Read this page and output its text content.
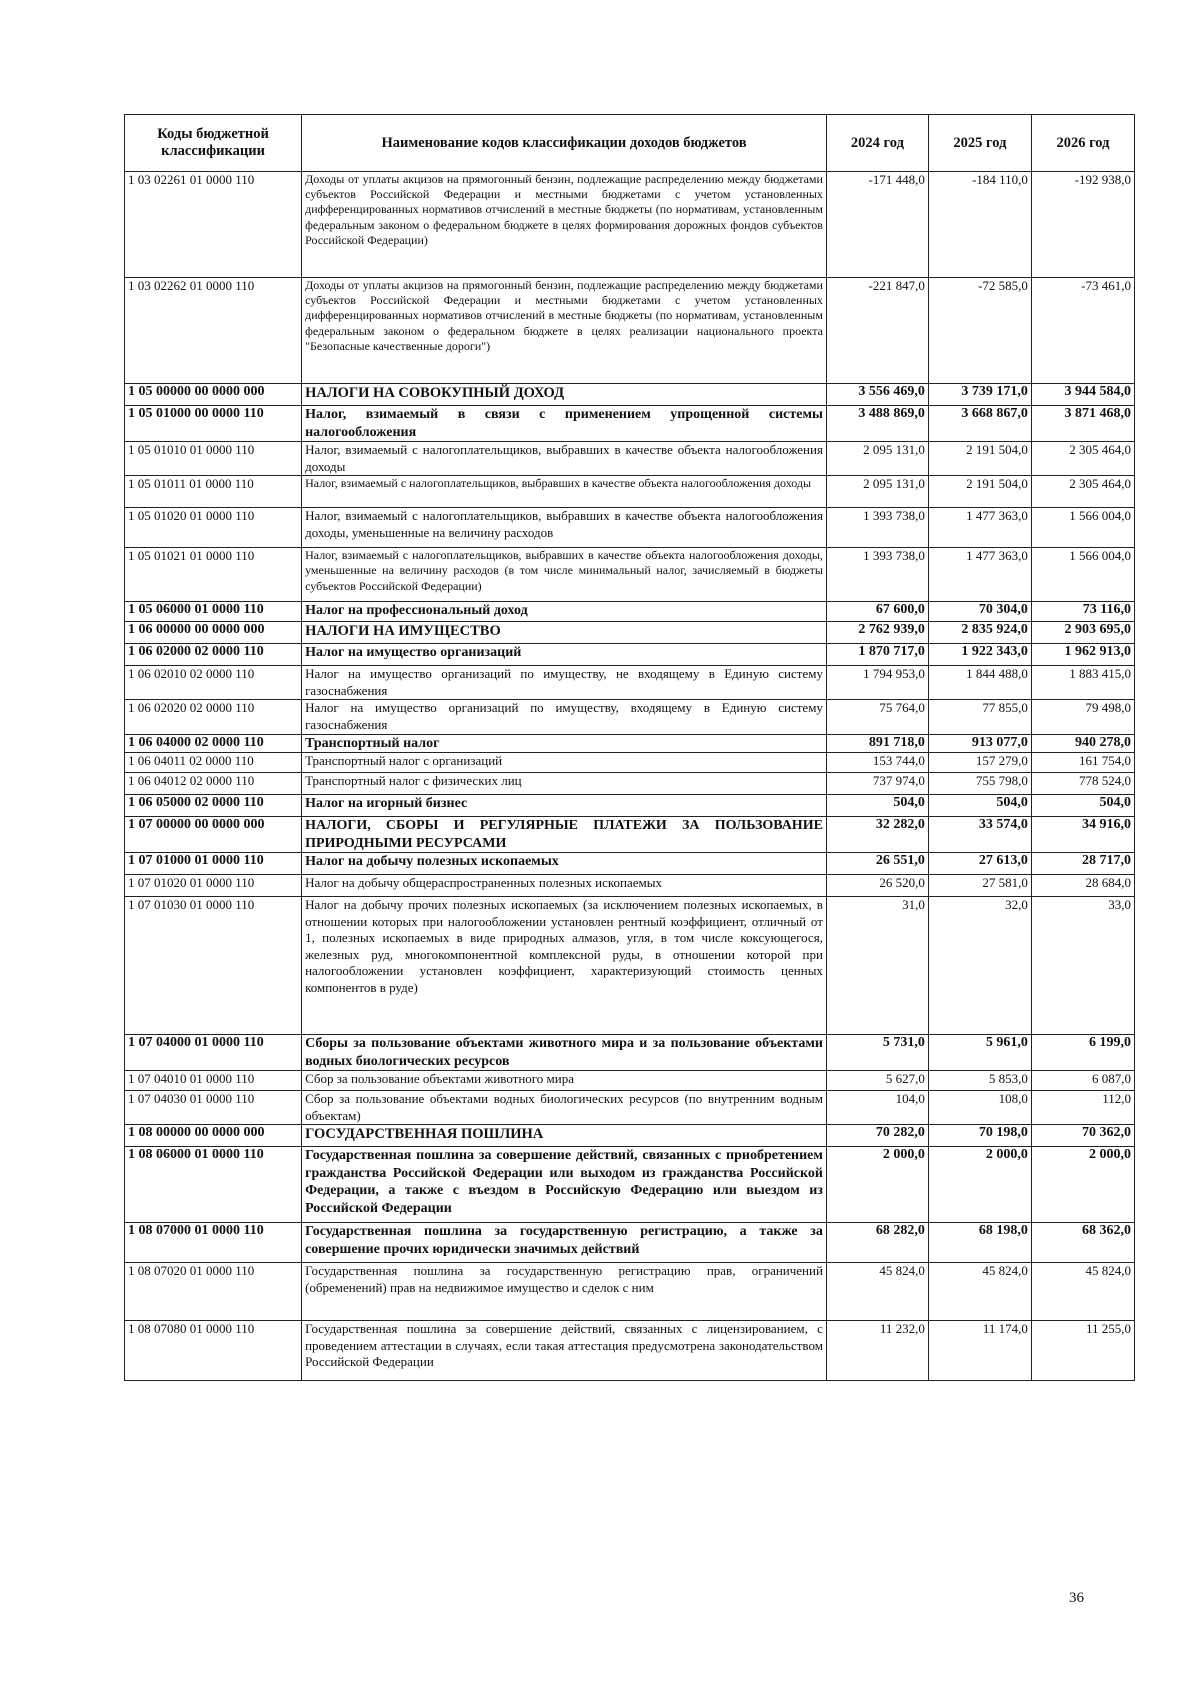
Коды бюджетной классификации	Наименование кодов классификации доходов бюджетов	2024 год	2025 год	2026 год
1 03 02261 01 0000 110	Доходы от уплаты акцизов на прямогонный бензин, подлежащие распределению между бюджетами субъектов Российской Федерации и местными бюджетами с учетом установленных дифференцированных нормативов отчислений в местные бюджеты (по нормативам, установленным федеральным законом о федеральном бюджете в целях формирования дорожных фондов субъектов Российской Федерации)	-171 448,0	-184 110,0	-192 938,0
1 03 02262 01 0000 110	Доходы от уплаты акцизов на прямогонный бензин, подлежащие распределению между бюджетами субъектов Российской Федерации и местными бюджетами с учетом установленных дифференцированных нормативов отчислений в местные бюджеты (по нормативам, установленным федеральным законом о федеральном бюджете в целях реализации национального проекта "Безопасные качественные дороги")	-221 847,0	-72 585,0	-73 461,0
1 05 00000 00 0000 000	НАЛОГИ НА СОВОКУПНЫЙ ДОХОД	3 556 469,0	3 739 171,0	3 944 584,0
1 05 01000 00 0000 110	Налог, взимаемый в связи с применением упрощенной системы налогообложения	3 488 869,0	3 668 867,0	3 871 468,0
1 05 01010 01 0000 110	Налог, взимаемый с налогоплательщиков, выбравших в качестве объекта налогообложения доходы	2 095 131,0	2 191 504,0	2 305 464,0
1 05 01011 01 0000 110	Налог, взимаемый с налогоплательщиков, выбравших в качестве объекта налогообложения доходы	2 095 131,0	2 191 504,0	2 305 464,0
1 05 01020 01 0000 110	Налог, взимаемый с налогоплательщиков, выбравших в качестве объекта налогообложения доходы, уменьшенные на величину расходов	1 393 738,0	1 477 363,0	1 566 004,0
1 05 01021 01 0000 110	Налог, взимаемый с налогоплательщиков, выбравших в качестве объекта налогообложения доходы, уменьшенные на величину расходов (в том числе минимальный налог, зачисляемый в бюджеты субъектов Российской Федерации)	1 393 738,0	1 477 363,0	1 566 004,0
1 05 06000 01 0000 110	Налог на профессиональный доход	67 600,0	70 304,0	73 116,0
1 06 00000 00 0000 000	НАЛОГИ НА ИМУЩЕСТВО	2 762 939,0	2 835 924,0	2 903 695,0
1 06 02000 02 0000 110	Налог на имущество организаций	1 870 717,0	1 922 343,0	1 962 913,0
1 06 02010 02 0000 110	Налог на имущество организаций по имуществу, не входящему в Единую систему газоснабжения	1 794 953,0	1 844 488,0	1 883 415,0
1 06 02020 02 0000 110	Налог на имущество организаций по имуществу, входящему в Единую систему газоснабжения	75 764,0	77 855,0	79 498,0
1 06 04000 02 0000 110	Транспортный налог	891 718,0	913 077,0	940 278,0
1 06 04011 02 0000 110	Транспортный налог с организаций	153 744,0	157 279,0	161 754,0
1 06 04012 02 0000 110	Транспортный налог с физических лиц	737 974,0	755 798,0	778 524,0
1 06 05000 02 0000 110	Налог на игорный бизнес	504,0	504,0	504,0
1 07 00000 00 0000 000	НАЛОГИ, СБОРЫ И РЕГУЛЯРНЫЕ ПЛАТЕЖИ ЗА ПОЛЬЗОВАНИЕ ПРИРОДНЫМИ РЕСУРСАМИ	32 282,0	33 574,0	34 916,0
1 07 01000 01 0000 110	Налог на добычу полезных ископаемых	26 551,0	27 613,0	28 717,0
1 07 01020 01 0000 110	Налог на добычу общераспространенных полезных ископаемых	26 520,0	27 581,0	28 684,0
1 07 01030 01 0000 110	Налог на добычу прочих полезных ископаемых (за исключением полезных ископаемых, в отношении которых при налогообложении установлен рентный коэффициент, отличный от 1, полезных ископаемых в виде природных алмазов, угля, в том числе коксующегося, железных руд, многокомпонентной комплексной руды, в отношении которой при налогообложении установлен коэффициент, характеризующий стоимость ценных компонентов в руде)	31,0	32,0	33,0
1 07 04000 01 0000 110	Сборы за пользование объектами животного мира и за пользование объектами водных биологических ресурсов	5 731,0	5 961,0	6 199,0
1 07 04010 01 0000 110	Сбор за пользование объектами животного мира	5 627,0	5 853,0	6 087,0
1 07 04030 01 0000 110	Сбор за пользование объектами водных биологических ресурсов (по внутренним водным объектам)	104,0	108,0	112,0
1 08 00000 00 0000 000	ГОСУДАРСТВЕННАЯ ПОШЛИНА	70 282,0	70 198,0	70 362,0
1 08 06000 01 0000 110	Государственная пошлина за совершение действий, связанных с приобретением гражданства Российской Федерации или выходом из гражданства Российской Федерации, а также с въездом в Российскую Федерацию или выездом из Российской Федерации	2 000,0	2 000,0	2 000,0
1 08 07000 01 0000 110	Государственная пошлина за государственную регистрацию, а также за совершение прочих юридически значимых действий	68 282,0	68 198,0	68 362,0
1 08 07020 01 0000 110	Государственная пошлина за государственную регистрацию прав, ограничений (обременений) прав на недвижимое имущество и сделок с ним	45 824,0	45 824,0	45 824,0
1 08 07080 01 0000 110	Государственная пошлина за совершение действий, связанных с лицензированием, с проведением аттестации в случаях, если такая аттестация предусмотрена законодательством Российской Федерации	11 232,0	11 174,0	11 255,0
36
